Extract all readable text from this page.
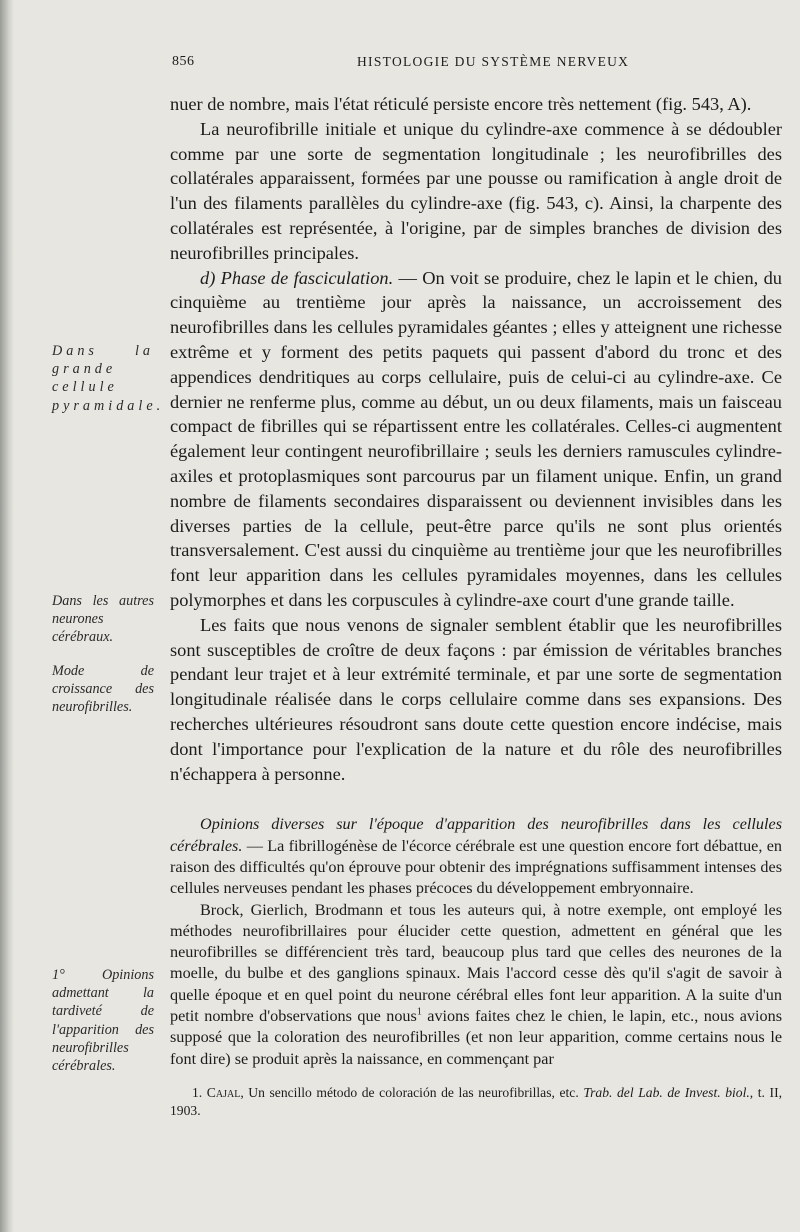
856	HISTOLOGIE DU SYSTÈME NERVEUX
Dans la grande cellule pyramidale.
Dans les autres neurones cérébraux.
Mode de croissance des neurofibrilles.
1°	Opinions admettant la tardiveté de l'apparition des neurofibrilles cérébrales.

nuer de nombre, mais l'état réticulé persiste encore très nettement (fig. 543, A).

La neurofibrille initiale et unique du cylindre-axe commence à se dédoubler comme par une sorte de segmentation longitudinale ; les neurofibrilles des collatérales apparaissent, formées par une pousse ou ramification à angle droit de l'un des filaments parallèles du cylindre-axe (fig. 543, c). Ainsi, la charpente des collatérales est représentée, à l'origine, par de simples branches de division des neurofibrilles principales.

d) Phase de fasciculation. — On voit se produire, chez le lapin et le chien, du cinquième au trentième jour après la naissance, un accroissement des neurofibrilles dans les cellules pyramidales géantes ; elles y atteignent une richesse extrême et y forment des petits paquets qui passent d'abord du tronc et des appendices dendritiques au corps cellulaire, puis de celui-ci au cylindre-axe. Ce dernier ne renferme plus, comme au début, un ou deux filaments, mais un faisceau compact de fibrilles qui se répartissent entre les collatérales. Celles-ci augmentent également leur contingent neurofibrillaire ; seuls les derniers ramuscules cylindre-axiles et protoplasmiques sont parcourus par un filament unique. Enfin, un grand nombre de filaments secondaires disparaissent ou deviennent invisibles dans les diverses parties de la cellule, peut-être parce qu'ils ne sont plus orientés transversalement. C'est aussi du cinquième au trentième jour que les neurofibrilles font leur apparition dans les cellules pyramidales moyennes, dans les cellules polymorphes et dans les corpuscules à cylindre-axe court d'une grande taille.

Les faits que nous venons de signaler semblent établir que les neurofibrilles sont susceptibles de croître de deux façons : par émission de véritables branches pendant leur trajet et à leur extrémité terminale, et par une sorte de segmentation longitudinale réalisée dans le corps cellulaire comme dans ses expansions. Des recherches ultérieures résoudront sans doute cette question encore indécise, mais dont l'importance pour l'explication de la nature et du rôle des neurofibrilles n'échappera à personne.

Opinions diverses sur l'époque d'apparition des neurofibrilles dans les cellules cérébrales. — La fibrillogénèse de l'écorce cérébrale est une question encore fort débattue, en raison des difficultés qu'on éprouve pour obtenir des imprégnations suffisamment intenses des cellules nerveuses pendant les phases précoces du développement embryonnaire.

Brock, Gierlich, Brodmann et tous les auteurs qui, à notre exemple, ont employé les méthodes neurofibrillaires pour élucider cette question, admettent en général que les neurofibrilles se différencient très tard, beaucoup plus tard que celles des neurones de la moelle, du bulbe et des ganglions spinaux. Mais l'accord cesse dès qu'il s'agit de savoir à quelle époque et en quel point du neurone cérébral elles font leur apparition. A la suite d'un petit nombre d'observations que nous$^1$ avions faites chez le chien, le lapin, etc., nous avions supposé que la coloration des neurofibrilles (et non leur apparition, comme certains nous le font dire) se produit après la naissance, en commençant par

1. Cajal, Un sencillo método de coloración de las neurofibrillas, etc. Trab. del Lab. de Invest. biol., t. II, 1903.
